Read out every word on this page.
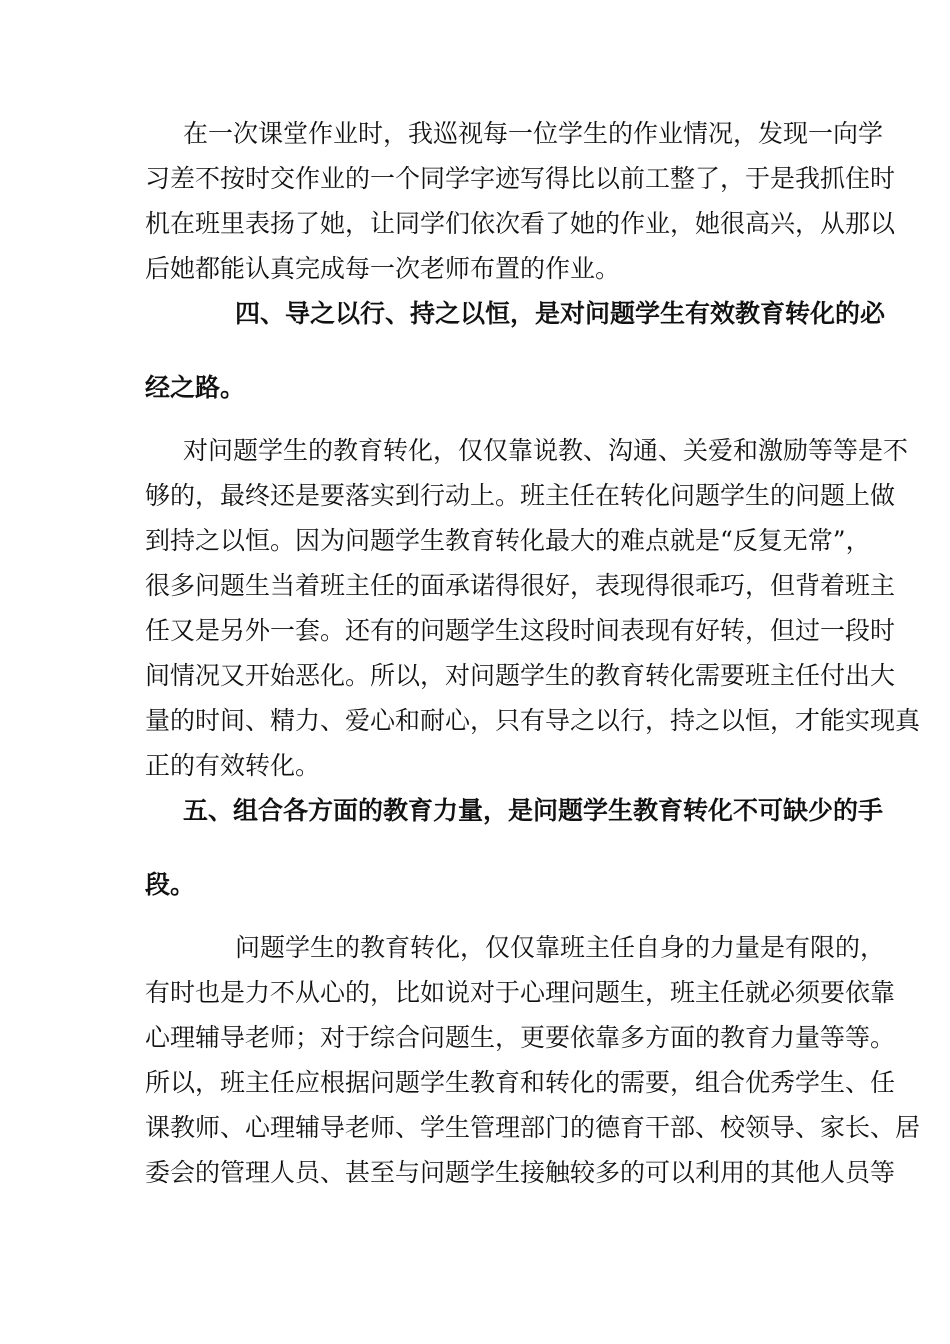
在一次课堂作业时，我巡视每一位学生的作业情况，发现一向学
习差不按时交作业的一个同学字迹写得比以前工整了，于是我抓住时
机在班里表扬了她，让同学们依次看了她的作业，她很高兴，从那以
后她都能认真完成每一次老师布置的作业。
四、导之以行、持之以恒，是对问题学生有效教育转化的必
经之路。
对问题学生的教育转化，仅仅靠说教、沟通、关爱和激励等等是不
够的，最终还是要落实到行动上。班主任在转化问题学生的问题上做
到持之以恒。因为问题学生教育转化最大的难点就是“反复无常”，
很多问题生当着班主任的面承诺得很好，表现得很乖巧，但背着班主
任又是另外一套。还有的问题学生这段时间表现有好转，但过一段时
间情况又开始恶化。所以，对问题学生的教育转化需要班主任付出大
量的时间、精力、爱心和耐心，只有导之以行，持之以恒，才能实现真
正的有效转化。
五、组合各方面的教育力量，是问题学生教育转化不可缺少的手
段。
问题学生的教育转化，仅仅靠班主任自身的力量是有限的，
有时也是力不从心的，比如说对于心理问题生，班主任就必须要依靠
心理辅导老师；对于综合问题生，更要依靠多方面的教育力量等等。
所以，班主任应根据问题学生教育和转化的需要，组合优秀学生、任
课教师、心理辅导老师、学生管理部门的德育干部、校领导、家长、居
委会的管理人员、甚至与问题学生接触较多的可以利用的其他人员等
